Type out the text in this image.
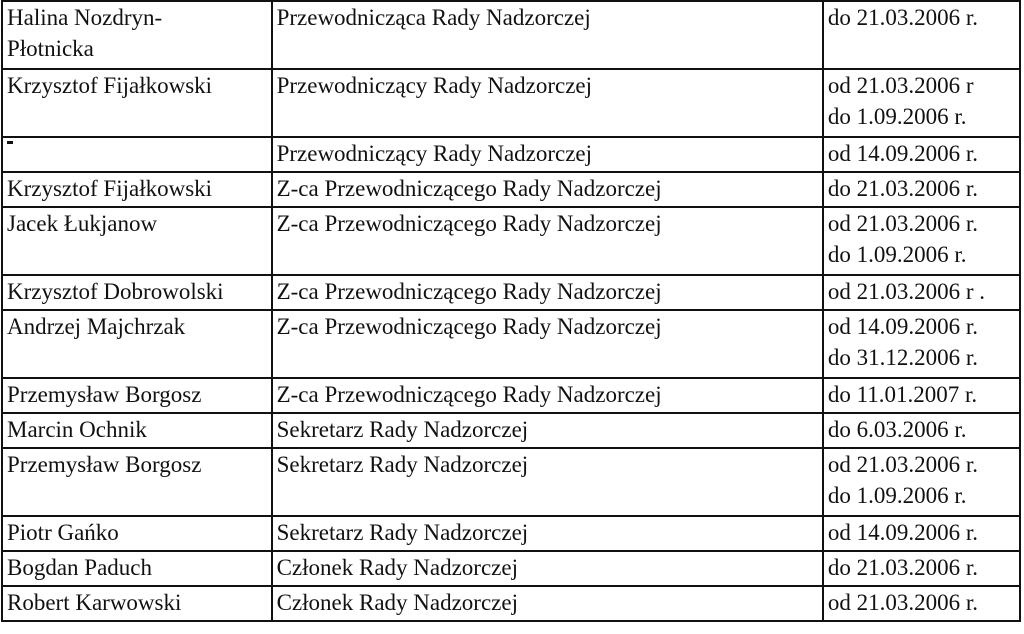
Halina Nozdryn-
Płotnicka	Przewodnicząca Rady Nadzorczej	do 21.03.2006 r.

Krzysztof Fijałkowski	Przewodniczący Rady Nadzorczej	od 21.03.2006 r
do 1.09.2006 r.

	Przewodniczący Rady Nadzorczej	od 14.09.2006 r.

Krzysztof Fijałkowski	Z-ca Przewodniczącego Rady Nadzorczej	do 21.03.2006 r.

Jacek Łukjanow	Z-ca Przewodniczącego Rady Nadzorczej	od 21.03.2006 r.
do 1.09.2006 r.

Krzysztof Dobrowolski	Z-ca Przewodniczącego Rady Nadzorczej	od 21.03.2006 r .

Andrzej Majchrzak	Z-ca Przewodniczącego Rady Nadzorczej	od 14.09.2006 r.
do 31.12.2006 r.

Przemysław Borgosz	Z-ca Przewodniczącego Rady Nadzorczej	do 11.01.2007 r.

Marcin Ochnik	Sekretarz Rady Nadzorczej	do 6.03.2006 r.

Przemysław Borgosz	Sekretarz Rady Nadzorczej	od 21.03.2006 r.
do 1.09.2006 r.

Piotr Gańko	Sekretarz Rady Nadzorczej	od 14.09.2006 r.

Bogdan Paduch	Członek Rady Nadzorczej	do 21.03.2006 r.

Robert Karwowski	Członek Rady Nadzorczej	od 21.03.2006 r.
